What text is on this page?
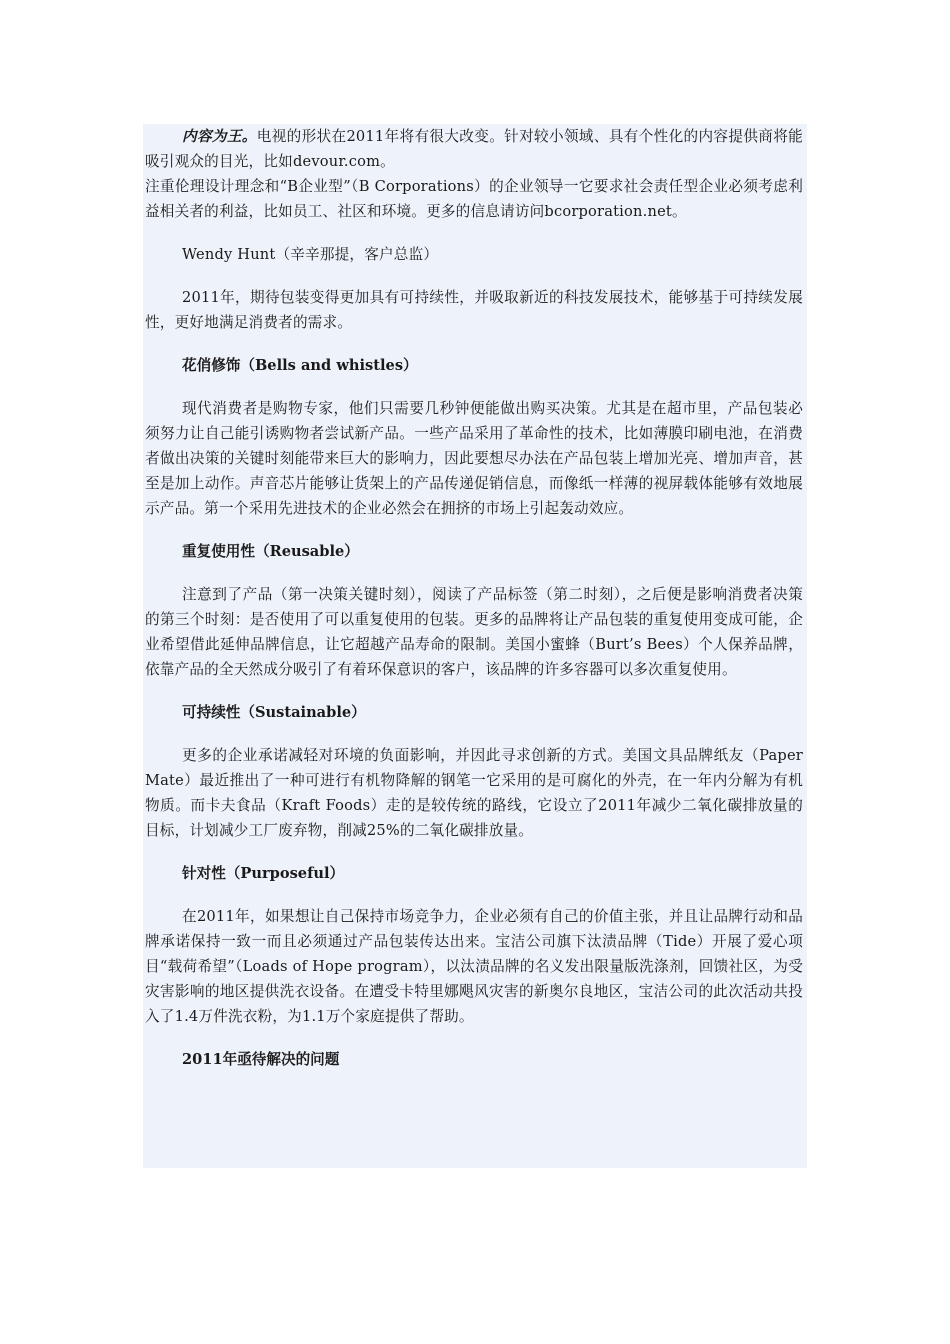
内容为王。电视的形状在2011年将有很大改变。针对较小领域、具有个性化的内容提供商将能吸引观众的目光，比如devour.com。

注重伦理设计理念和“B企业型”（B Corporations）的企业领导一它要求社会责任型企业必须考虑利益相关者的利益，比如员工、社区和环境。更多的信息请访问bcorporation.net。

Wendy Hunt（辛辛那提，客户总监）

2011年，期待包装变得更加具有可持续性，并吸取新近的科技发展技术，能够基于可持续发展性，更好地满足消费者的需求。

花俏修饰（Bells and whistles）

现代消费者是购物专家，他们只需要几秒钟便能做出购买决策。尤其是在超市里，产品包装必须努力让自己能引诱购物者尝试新产品。一些产品采用了革命性的技术，比如薄膜印刷电池，在消费者做出决策的关键时刻能带来巨大的影响力，因此要想尽办法在产品包装上增加光亮、增加声音，甚至是加上动作。声音芯片能够让货架上的产品传递促销信息，而像纸一样薄的视屏载体能够有效地展示产品。第一个采用先进技术的企业必然会在拥挤的市场上引起轰动效应。

重复使用性（Reusable）

注意到了产品（第一决策关键时刻），阅读了产品标签（第二时刻），之后便是影响消费者决策的第三个时刻：是否使用了可以重复使用的包装。更多的品牌将让产品包装的重复使用变成可能，企业希望借此延伸品牌信息，让它超越产品寿命的限制。美国小蜜蜂（Burt’s Bees）个人保养品牌，依靠产品的全天然成分吸引了有着环保意识的客户，该品牌的许多容器可以多次重复使用。

可持续性（Sustainable）

更多的企业承诺减轻对环境的负面影响，并因此寻求创新的方式。美国文具品牌纸友（Paper Mate）最近推出了一种可进行有机物降解的钢笔一它采用的是可腐化的外壳，在一年内分解为有机物质。而卡夫食品（Kraft Foods）走的是较传统的路线，它设立了2011年减少二氧化碳排放量的目标，计划减少工厂废弃物，削减25%的二氧化碳排放量。

针对性（Purposeful）

在2011年，如果想让自己保持市场竞争力，企业必须有自己的价值主张，并且让品牌行动和品牌承诺保持一致一而且必须通过产品包装传达出来。宝洁公司旗下汰渍品牌（Tide）开展了爱心项目“载荷希望”（Loads of Hope program），以汰渍品牌的名义发出限量版洗涤剂，回馈社区，为受灾害影响的地区提供洗衣设备。在遭受卡特里娜飓风灾害的新奥尔良地区，宝洁公司的此次活动共投入了1.4万件洗衣粉，为1.1万个家庭提供了帮助。

2011年亟待解决的问题
